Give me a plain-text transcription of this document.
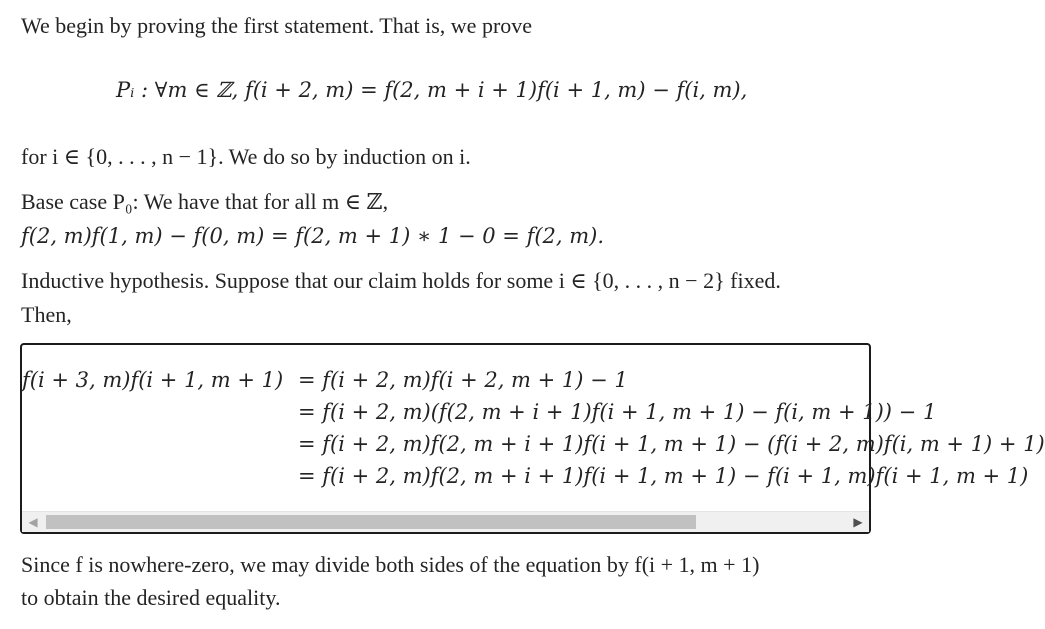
We begin by proving the first statement. That is, we prove
Pᵢ : ∀m ∈ ℤ, f(i + 2, m) = f(2, m + i + 1)f(i + 1, m) − f(i, m),
for i ∈ {0, . . . , n − 1}. We do so by induction on i.
Base case P₀: We have that for all m ∈ ℤ,
f(2, m)f(1, m) − f(0, m) = f(2, m + 1) ∗ 1 − 0 = f(2, m).
Inductive hypothesis. Suppose that our claim holds for some i ∈ {0, . . . , n − 2} fixed.
Then,
f(i + 3, m)f(i + 1, m + 1) = f(i + 2, m)f(i + 2, m + 1) − 1
= f(i + 2, m)(f(2, m + i + 1)f(i + 1, m + 1) − f(i, m + 1)) − 1
= f(i + 2, m)f(2, m + i + 1)f(i + 1, m + 1) − (f(i + 2, m)f(i, m + 1) + 1)
= f(i + 2, m)f(2, m + i + 1)f(i + 1, m + 1) − f(i + 1, m)f(i + 1, m + 1)
◀	▶
Since f is nowhere-zero, we may divide both sides of the equation by f(i + 1, m + 1)
to obtain the desired equality.
